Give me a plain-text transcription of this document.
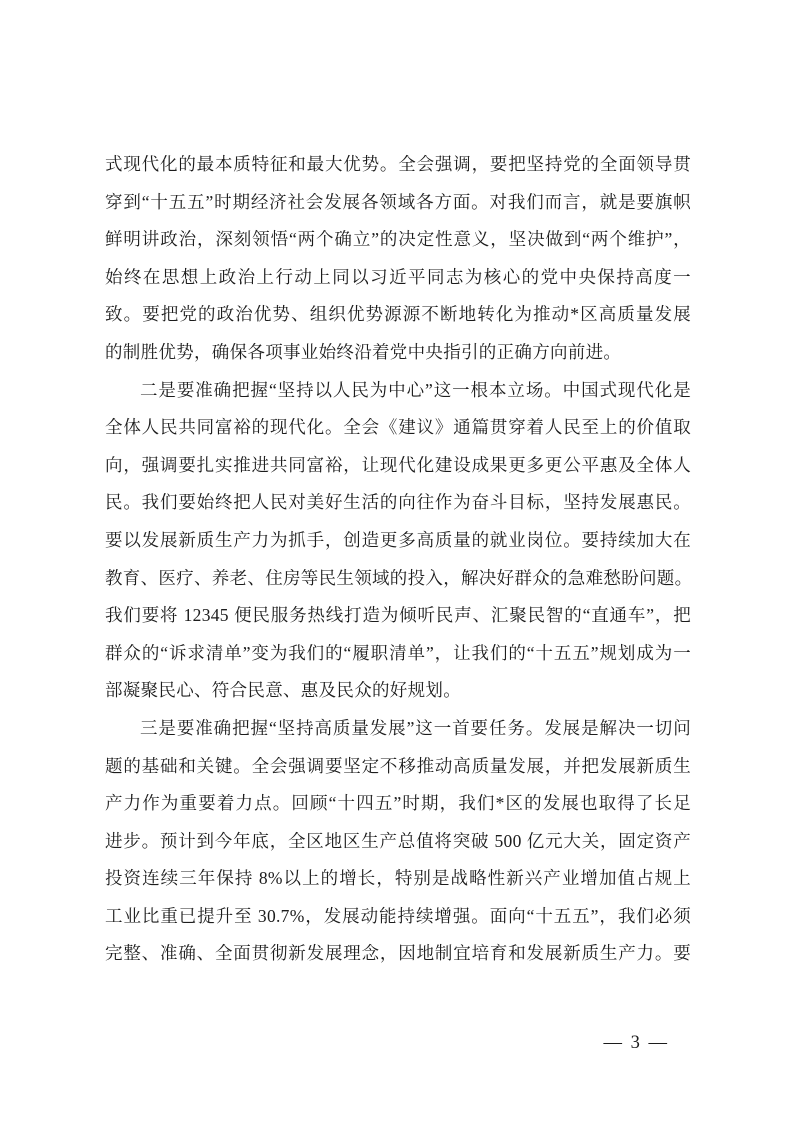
式现代化的最本质特征和最大优势。全会强调，要把坚持党的全面领导贯
穿到“十五五”时期经济社会发展各领域各方面。对我们而言，就是要旗帜
鲜明讲政治，深刻领悟“两个确立”的决定性意义，坚决做到“两个维护”，
始终在思想上政治上行动上同以习近平同志为核心的党中央保持高度一
致。要把党的政治优势、组织优势源源不断地转化为推动*区高质量发展
的制胜优势，确保各项事业始终沿着党中央指引的正确方向前进。
二是要准确把握“坚持以人民为中心”这一根本立场。中国式现代化是
全体人民共同富裕的现代化。全会《建议》通篇贯穿着人民至上的价值取
向，强调要扎实推进共同富裕，让现代化建设成果更多更公平惠及全体人
民。我们要始终把人民对美好生活的向往作为奋斗目标，坚持发展惠民。
要以发展新质生产力为抓手，创造更多高质量的就业岗位。要持续加大在
教育、医疗、养老、住房等民生领域的投入，解决好群众的急难愁盼问题。
我们要将 12345 便民服务热线打造为倾听民声、汇聚民智的“直通车”，把
群众的“诉求清单”变为我们的“履职清单”，让我们的“十五五”规划成为一
部凝聚民心、符合民意、惠及民众的好规划。
三是要准确把握“坚持高质量发展”这一首要任务。发展是解决一切问
题的基础和关键。全会强调要坚定不移推动高质量发展，并把发展新质生
产力作为重要着力点。回顾“十四五”时期，我们*区的发展也取得了长足
进步。预计到今年底，全区地区生产总值将突破 500 亿元大关，固定资产
投资连续三年保持 8%以上的增长，特别是战略性新兴产业增加值占规上
工业比重已提升至 30.7%，发展动能持续增强。面向“十五五”，我们必须
完整、准确、全面贯彻新发展理念，因地制宜培育和发展新质生产力。要
— 3 —
